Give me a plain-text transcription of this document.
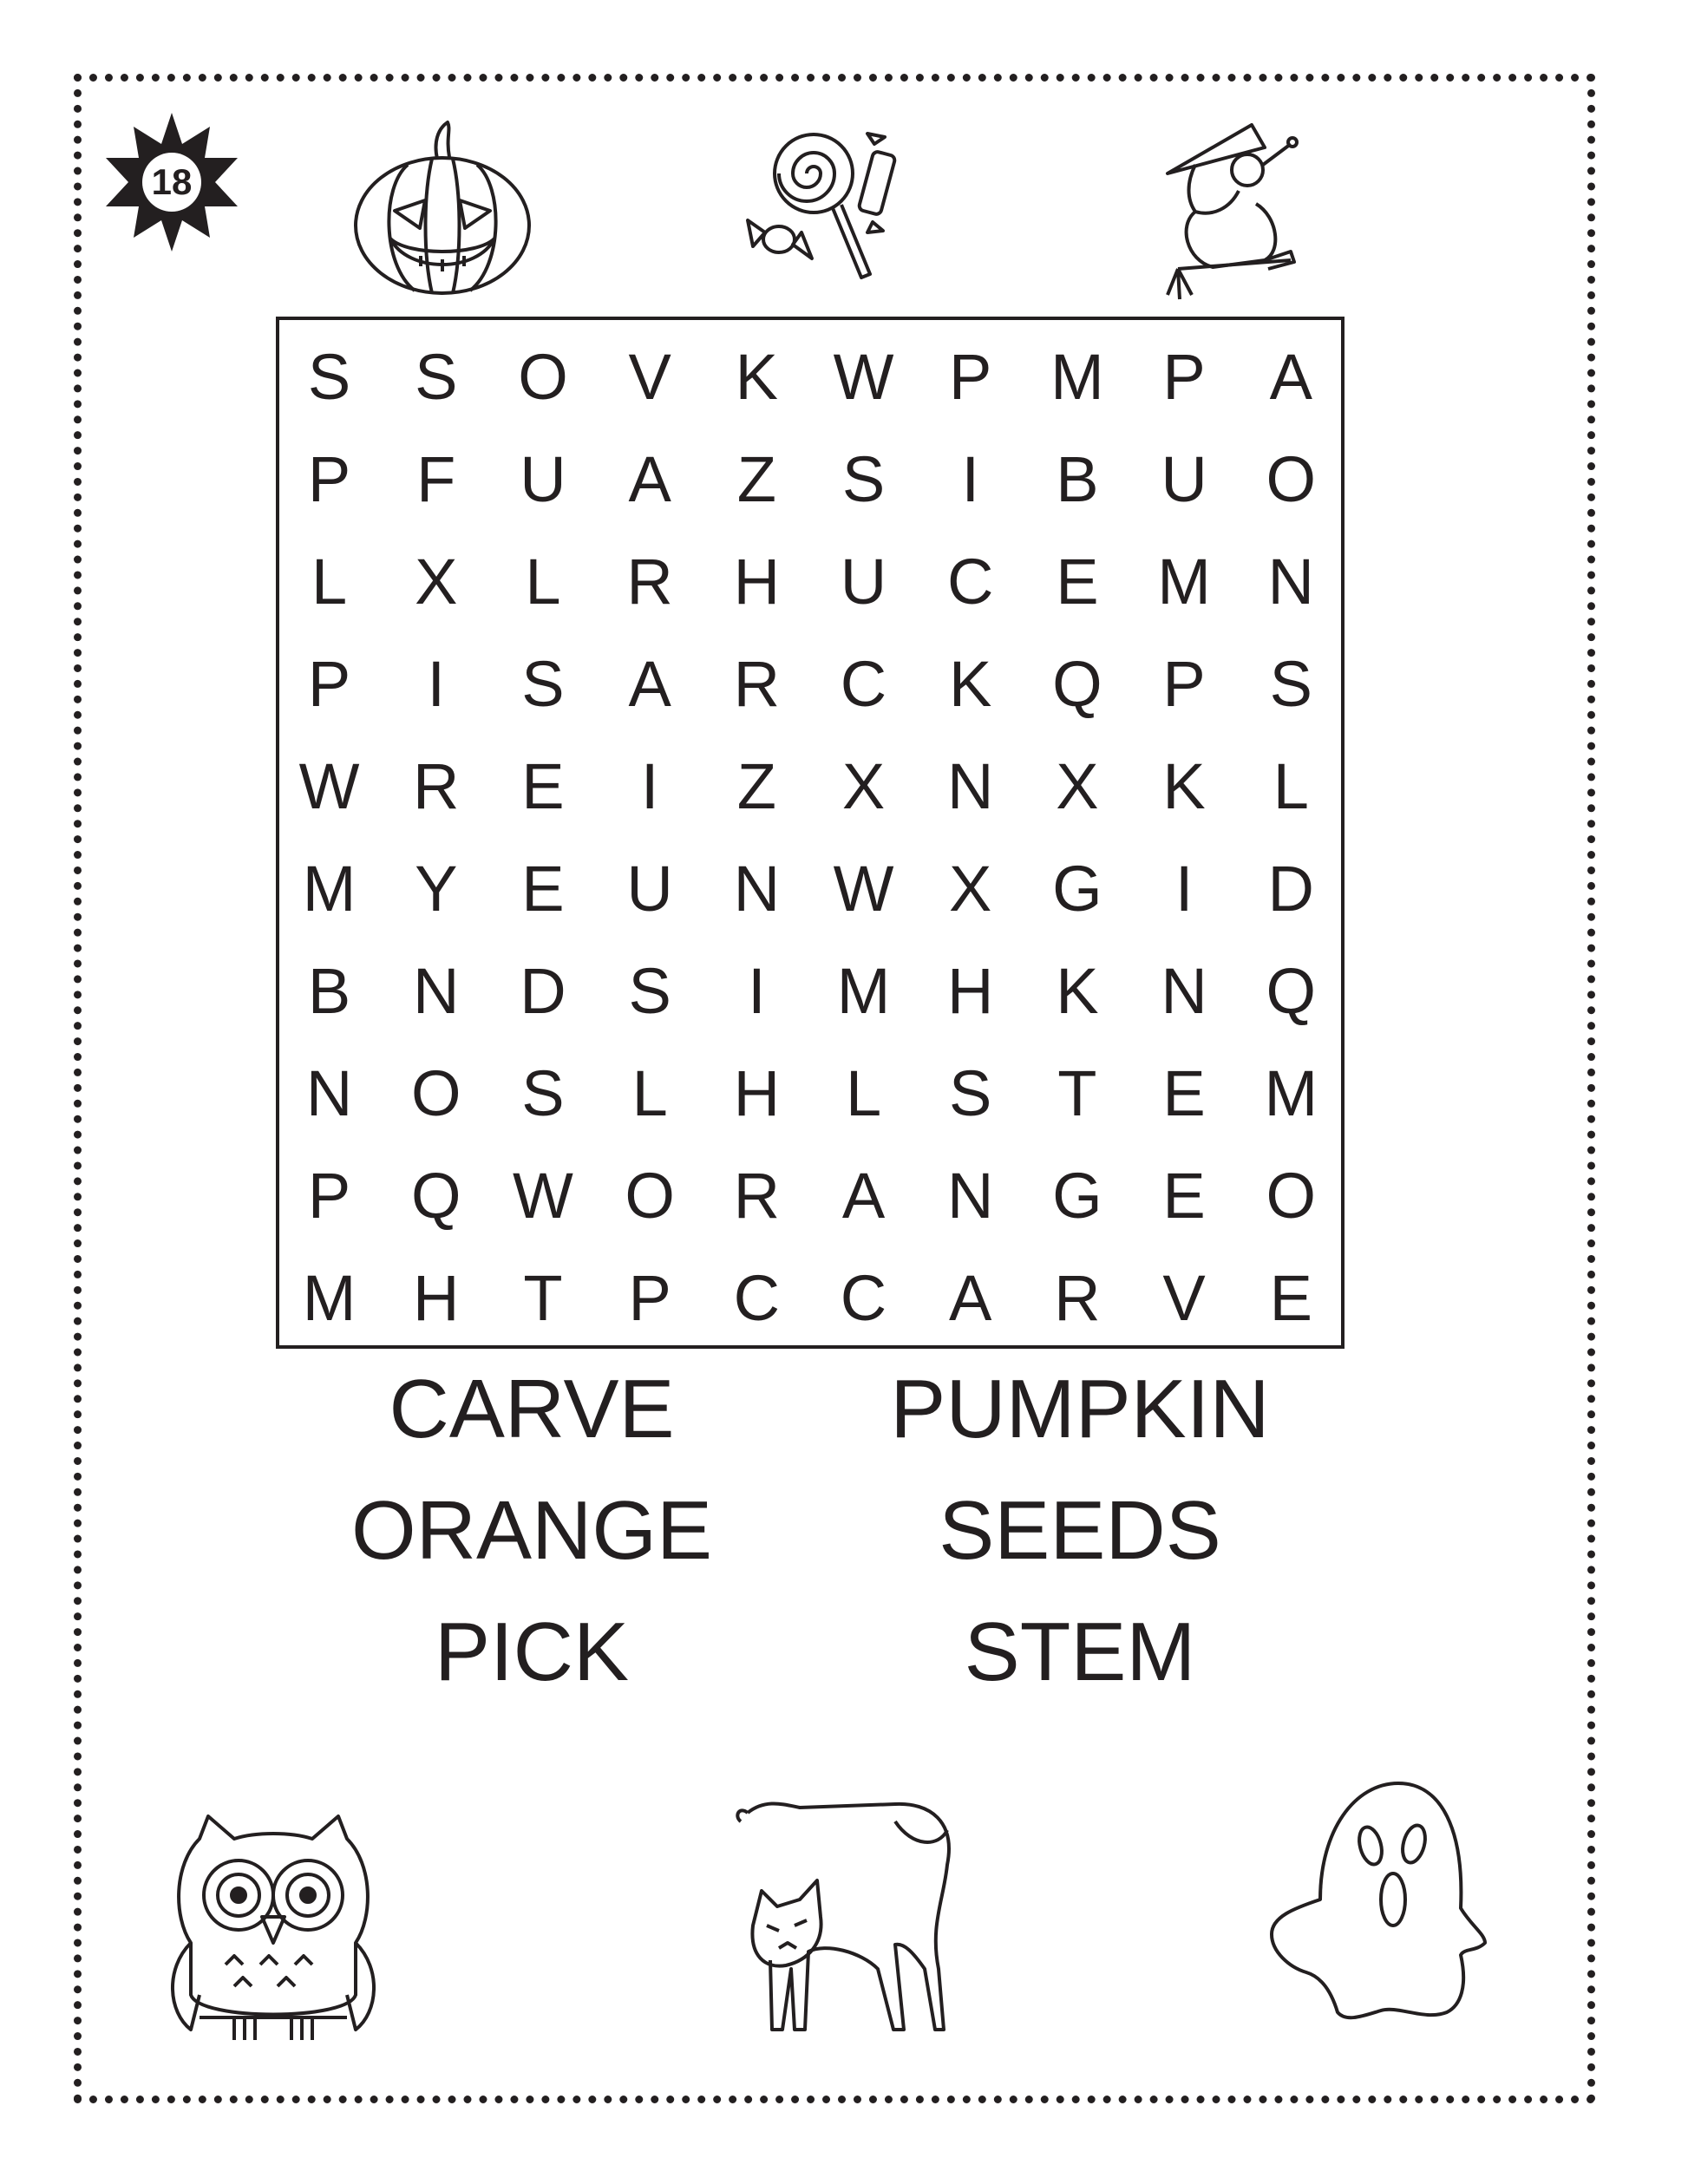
18
S S O V K W P M P A
P	F U A	Z	S	I	B U O
L	X	L	R H U C E M N
P	I	S A R C K Q P S
W R E	I	Z	X N X K	L
M Y E U N W X G	I	D
B N D S	I	M H K N Q
N O S	L	H	L	S	T	E M
P Q W O R A N G E O
M H T	P C C A R V E
CARVE	PUMPKIN
ORANGE	SEEDS
PICK	STEM
